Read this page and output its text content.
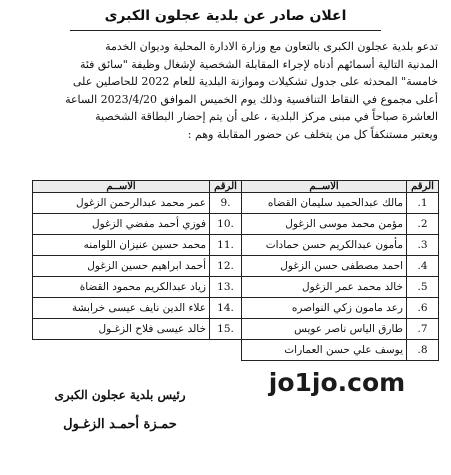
اعلان صادر عن بلدية عجلون الكبرى
تدعو بلدية عجلون الكبرى بالتعاون مع وزارة الادارة المحلية وديوان الخدمة
المدنية التالية أسمائهم أدناه لإجراء المقابلة الشخصية لإشغال وظيفة "سائق فئة
خامسة" المحدثه على جدول تشكيلات وموازنة البلدية للعام 2022 للحاصلين على
أعلى مجموع في النقاط التنافسية وذلك يوم الخميس الموافق 2023/4/20 الساعة
العاشرة صباحاً في مبنى مركز البلدية ، على أن يتم إحضار البطاقة الشخصية
ويعتبر مستنكفاً كل من يتخلف عن حضور المقابلة وهم :
الرقم	الاســم	الرقم	الاســم
1.	مالك عبدالحميد سليمان القضاه	.9	عمر محمد عبدالرحمن الزغول
2.	مؤمن محمد موسى الزغول	.10	فوزي أحمد مفضي الزغول
3.	مأمون عبدالكريم حسن حمادات	.11	محمد حسين عنيزان اللوامنه
4.	احمد مصطفى حسن الزغول	.12	أحمد ابراهيم حسين الزغول
5.	خالد محمد عمر الزغول	.13	زياد عبدالكريم محمود القضاة
6.	رعد مامون زكي النواصره	.14	علاء الدين نايف عيسى خرابشة
7.	طارق الياس ناصر عويس	.15	خالد عيسى فلاح الزغـول
8.	يوسف علي حسن العمارات		
jo1jo.com
رئيس بلدية عجلون الكبرى
حمـزة أحمـد الزغـول
